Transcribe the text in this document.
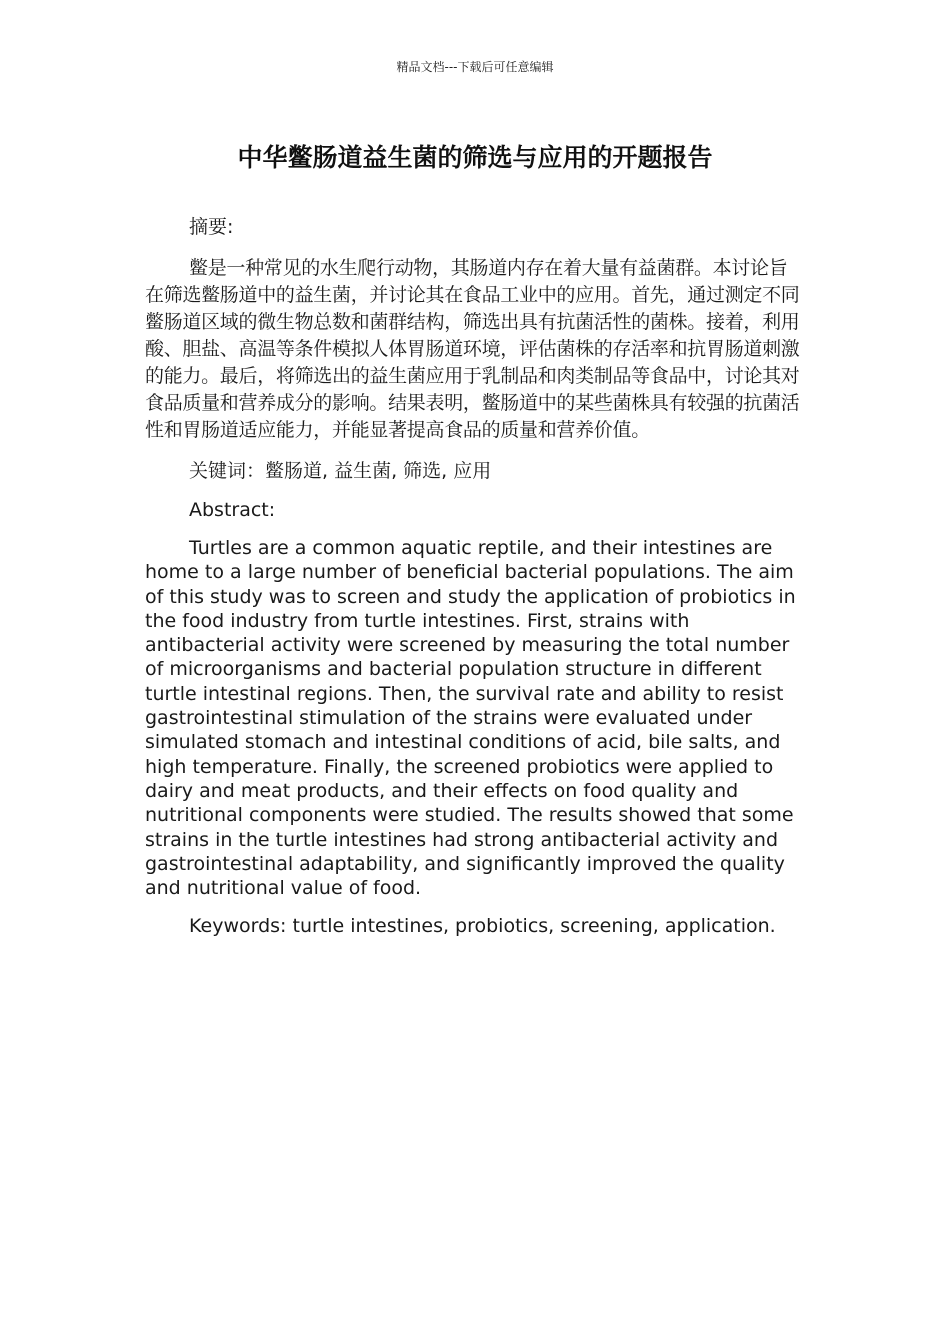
精品文档---下载后可任意编辑
中华鳖肠道益生菌的筛选与应用的开题报告

摘要:

鳖是一种常见的水生爬行动物，其肠道内存在着大量有益菌群。本讨论旨在筛选鳖肠道中的益生菌，并讨论其在食品工业中的应用。首先，通过测定不同鳖肠道区域的微生物总数和菌群结构，筛选出具有抗菌活性的菌株。接着，利用酸、胆盐、高温等条件模拟人体胃肠道环境，评估菌株的存活率和抗胃肠道刺激的能力。最后，将筛选出的益生菌应用于乳制品和肉类制品等食品中，讨论其对食品质量和营养成分的影响。结果表明，鳖肠道中的某些菌株具有较强的抗菌活性和胃肠道适应能力，并能显著提高食品的质量和营养价值。

关键词：鳖肠道, 益生菌, 筛选, 应用

Abstract:

Turtles are a common aquatic reptile, and their intestines are home to a large number of beneficial bacterial populations. The aim of this study was to screen and study the application of probiotics in the food industry from turtle intestines. First, strains with antibacterial activity were screened by measuring the total number of microorganisms and bacterial population structure in different turtle intestinal regions. Then, the survival rate and ability to resist gastrointestinal stimulation of the strains were evaluated under simulated stomach and intestinal conditions of acid, bile salts, and high temperature. Finally, the screened probiotics were applied to dairy and meat products, and their effects on food quality and nutritional components were studied. The results showed that some strains in the turtle intestines had strong antibacterial activity and gastrointestinal adaptability, and significantly improved the quality and nutritional value of food.

Keywords: turtle intestines, probiotics, screening, application.
